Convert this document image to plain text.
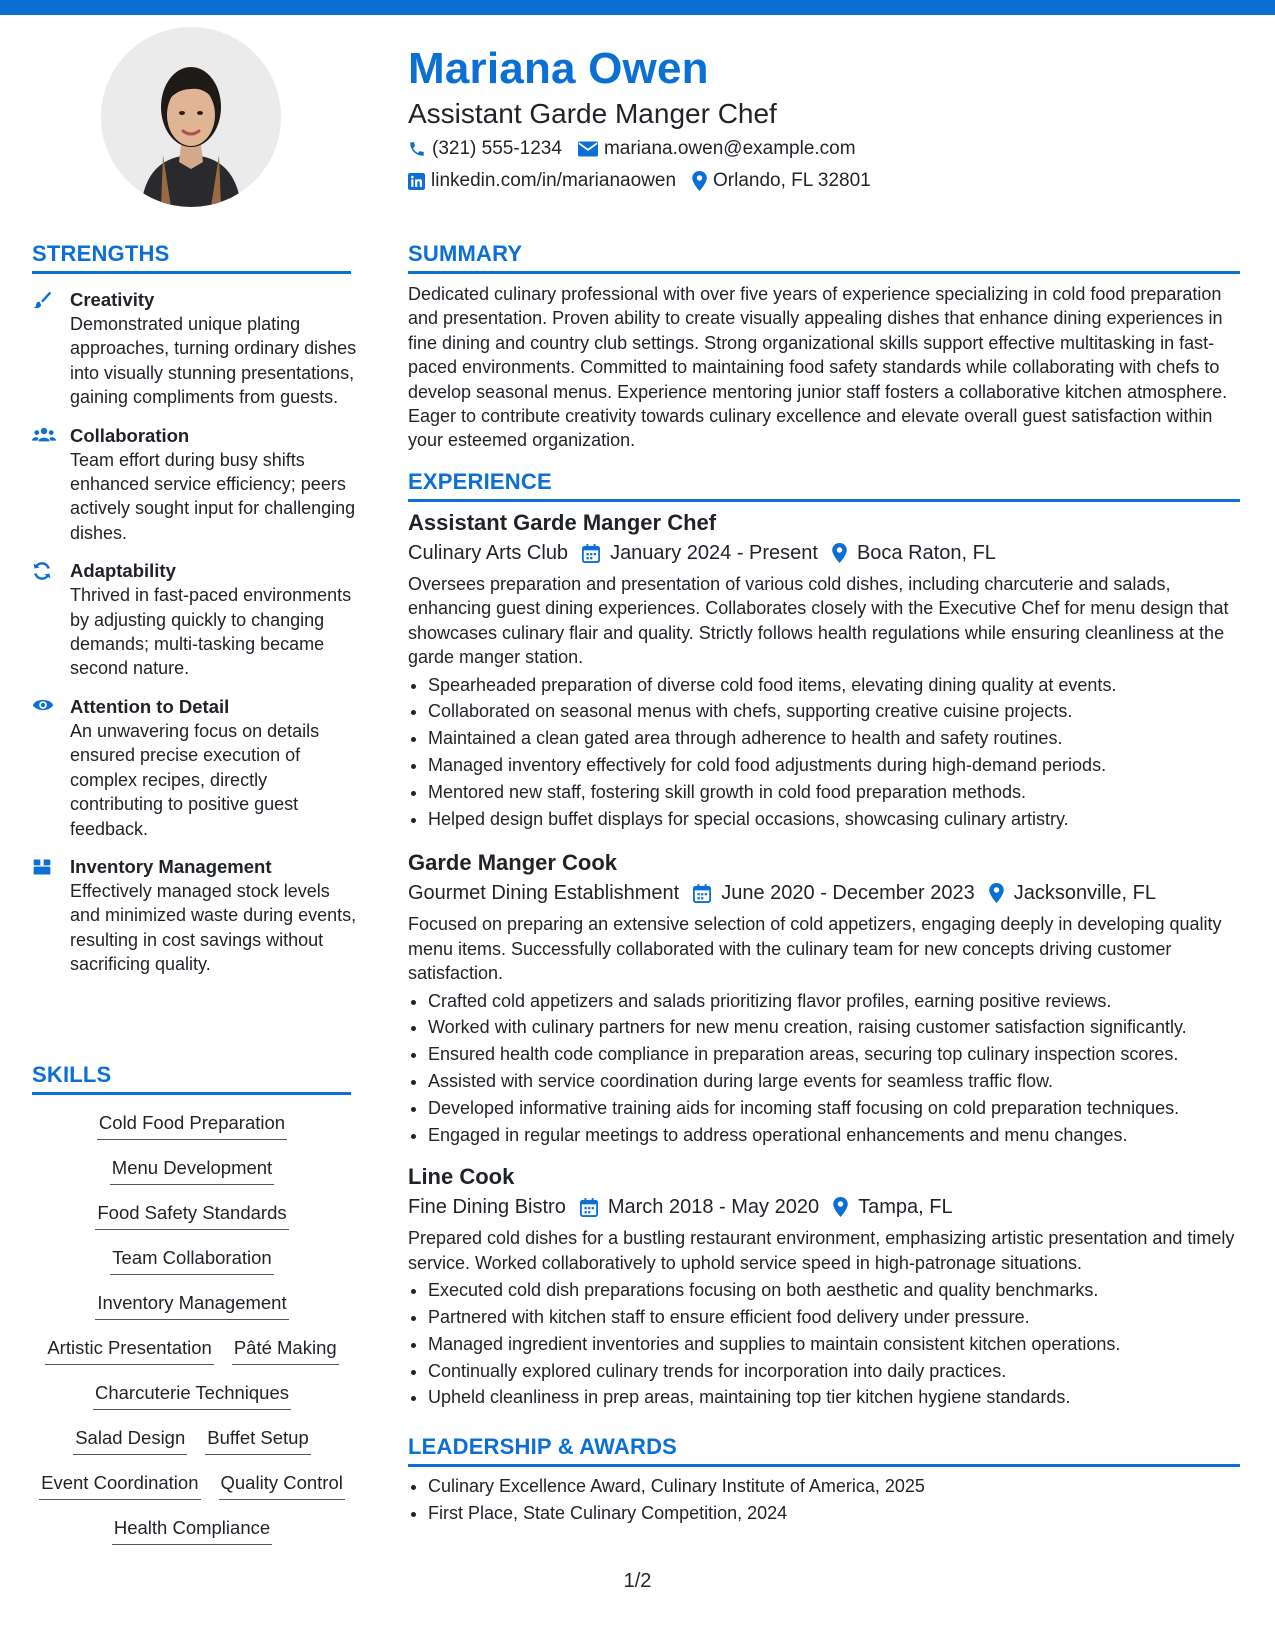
Mariana Owen
Assistant Garde Manger Chef
(321) 555-1234 mariana.owen@example.com
linkedin.com/in/marianaowen Orlando, FL 32801
STRENGTHS
Creativity
Demonstrated unique plating approaches, turning ordinary dishes into visually stunning presentations, gaining compliments from guests.
Collaboration
Team effort during busy shifts enhanced service efficiency; peers actively sought input for challenging dishes.
Adaptability
Thrived in fast-paced environments by adjusting quickly to changing demands; multi-tasking became second nature.
Attention to Detail
An unwavering focus on details ensured precise execution of complex recipes, directly contributing to positive guest feedback.
Inventory Management
Effectively managed stock levels and minimized waste during events, resulting in cost savings without sacrificing quality.
SKILLS
Cold Food Preparation
Menu Development
Food Safety Standards
Team Collaboration
Inventory Management
Artistic Presentation Pâté Making
Charcuterie Techniques
Salad Design Buffet Setup
Event Coordination Quality Control
Health Compliance
SUMMARY

Dedicated culinary professional with over five years of experience specializing in cold food preparation and presentation. Proven ability to create visually appealing dishes that enhance dining experiences in fine dining and country club settings. Strong organizational skills support effective multitasking in fast-paced environments. Committed to maintaining food safety standards while collaborating with chefs to develop seasonal menus. Experience mentoring junior staff fosters a collaborative kitchen atmosphere. Eager to contribute creativity towards culinary excellence and elevate overall guest satisfaction within your esteemed organization.

EXPERIENCE
Assistant Garde Manger Chef
Culinary Arts Club January 2024 - Present Boca Raton, FL

Oversees preparation and presentation of various cold dishes, including charcuterie and salads, enhancing guest dining experiences. Collaborates closely with the Executive Chef for menu design that showcases culinary flair and quality. Strictly follows health regulations while ensuring cleanliness at the garde manger station.

• Spearheaded preparation of diverse cold food items, elevating dining quality at events.
• Collaborated on seasonal menus with chefs, supporting creative cuisine projects.
• Maintained a clean gated area through adherence to health and safety routines.
• Managed inventory effectively for cold food adjustments during high-demand periods.
• Mentored new staff, fostering skill growth in cold food preparation methods.
• Helped design buffet displays for special occasions, showcasing culinary artistry.
Garde Manger Cook
Gourmet Dining Establishment June 2020 - December 2023 Jacksonville, FL

Focused on preparing an extensive selection of cold appetizers, engaging deeply in developing quality menu items. Successfully collaborated with the culinary team for new concepts driving customer satisfaction.

• Crafted cold appetizers and salads prioritizing flavor profiles, earning positive reviews.
• Worked with culinary partners for new menu creation, raising customer satisfaction significantly.
• Ensured health code compliance in preparation areas, securing top culinary inspection scores.
• Assisted with service coordination during large events for seamless traffic flow.
• Developed informative training aids for incoming staff focusing on cold preparation techniques.
• Engaged in regular meetings to address operational enhancements and menu changes.
Line Cook
Fine Dining Bistro March 2018 - May 2020 Tampa, FL

Prepared cold dishes for a bustling restaurant environment, emphasizing artistic presentation and timely service. Worked collaboratively to uphold service speed in high-patronage situations.

• Executed cold dish preparations focusing on both aesthetic and quality benchmarks.
• Partnered with kitchen staff to ensure efficient food delivery under pressure.
• Managed ingredient inventories and supplies to maintain consistent kitchen operations.
• Continually explored culinary trends for incorporation into daily practices.
• Upheld cleanliness in prep areas, maintaining top tier kitchen hygiene standards.
LEADERSHIP & AWARDS
• Culinary Excellence Award, Culinary Institute of America, 2025
• First Place, State Culinary Competition, 2024
1/2
